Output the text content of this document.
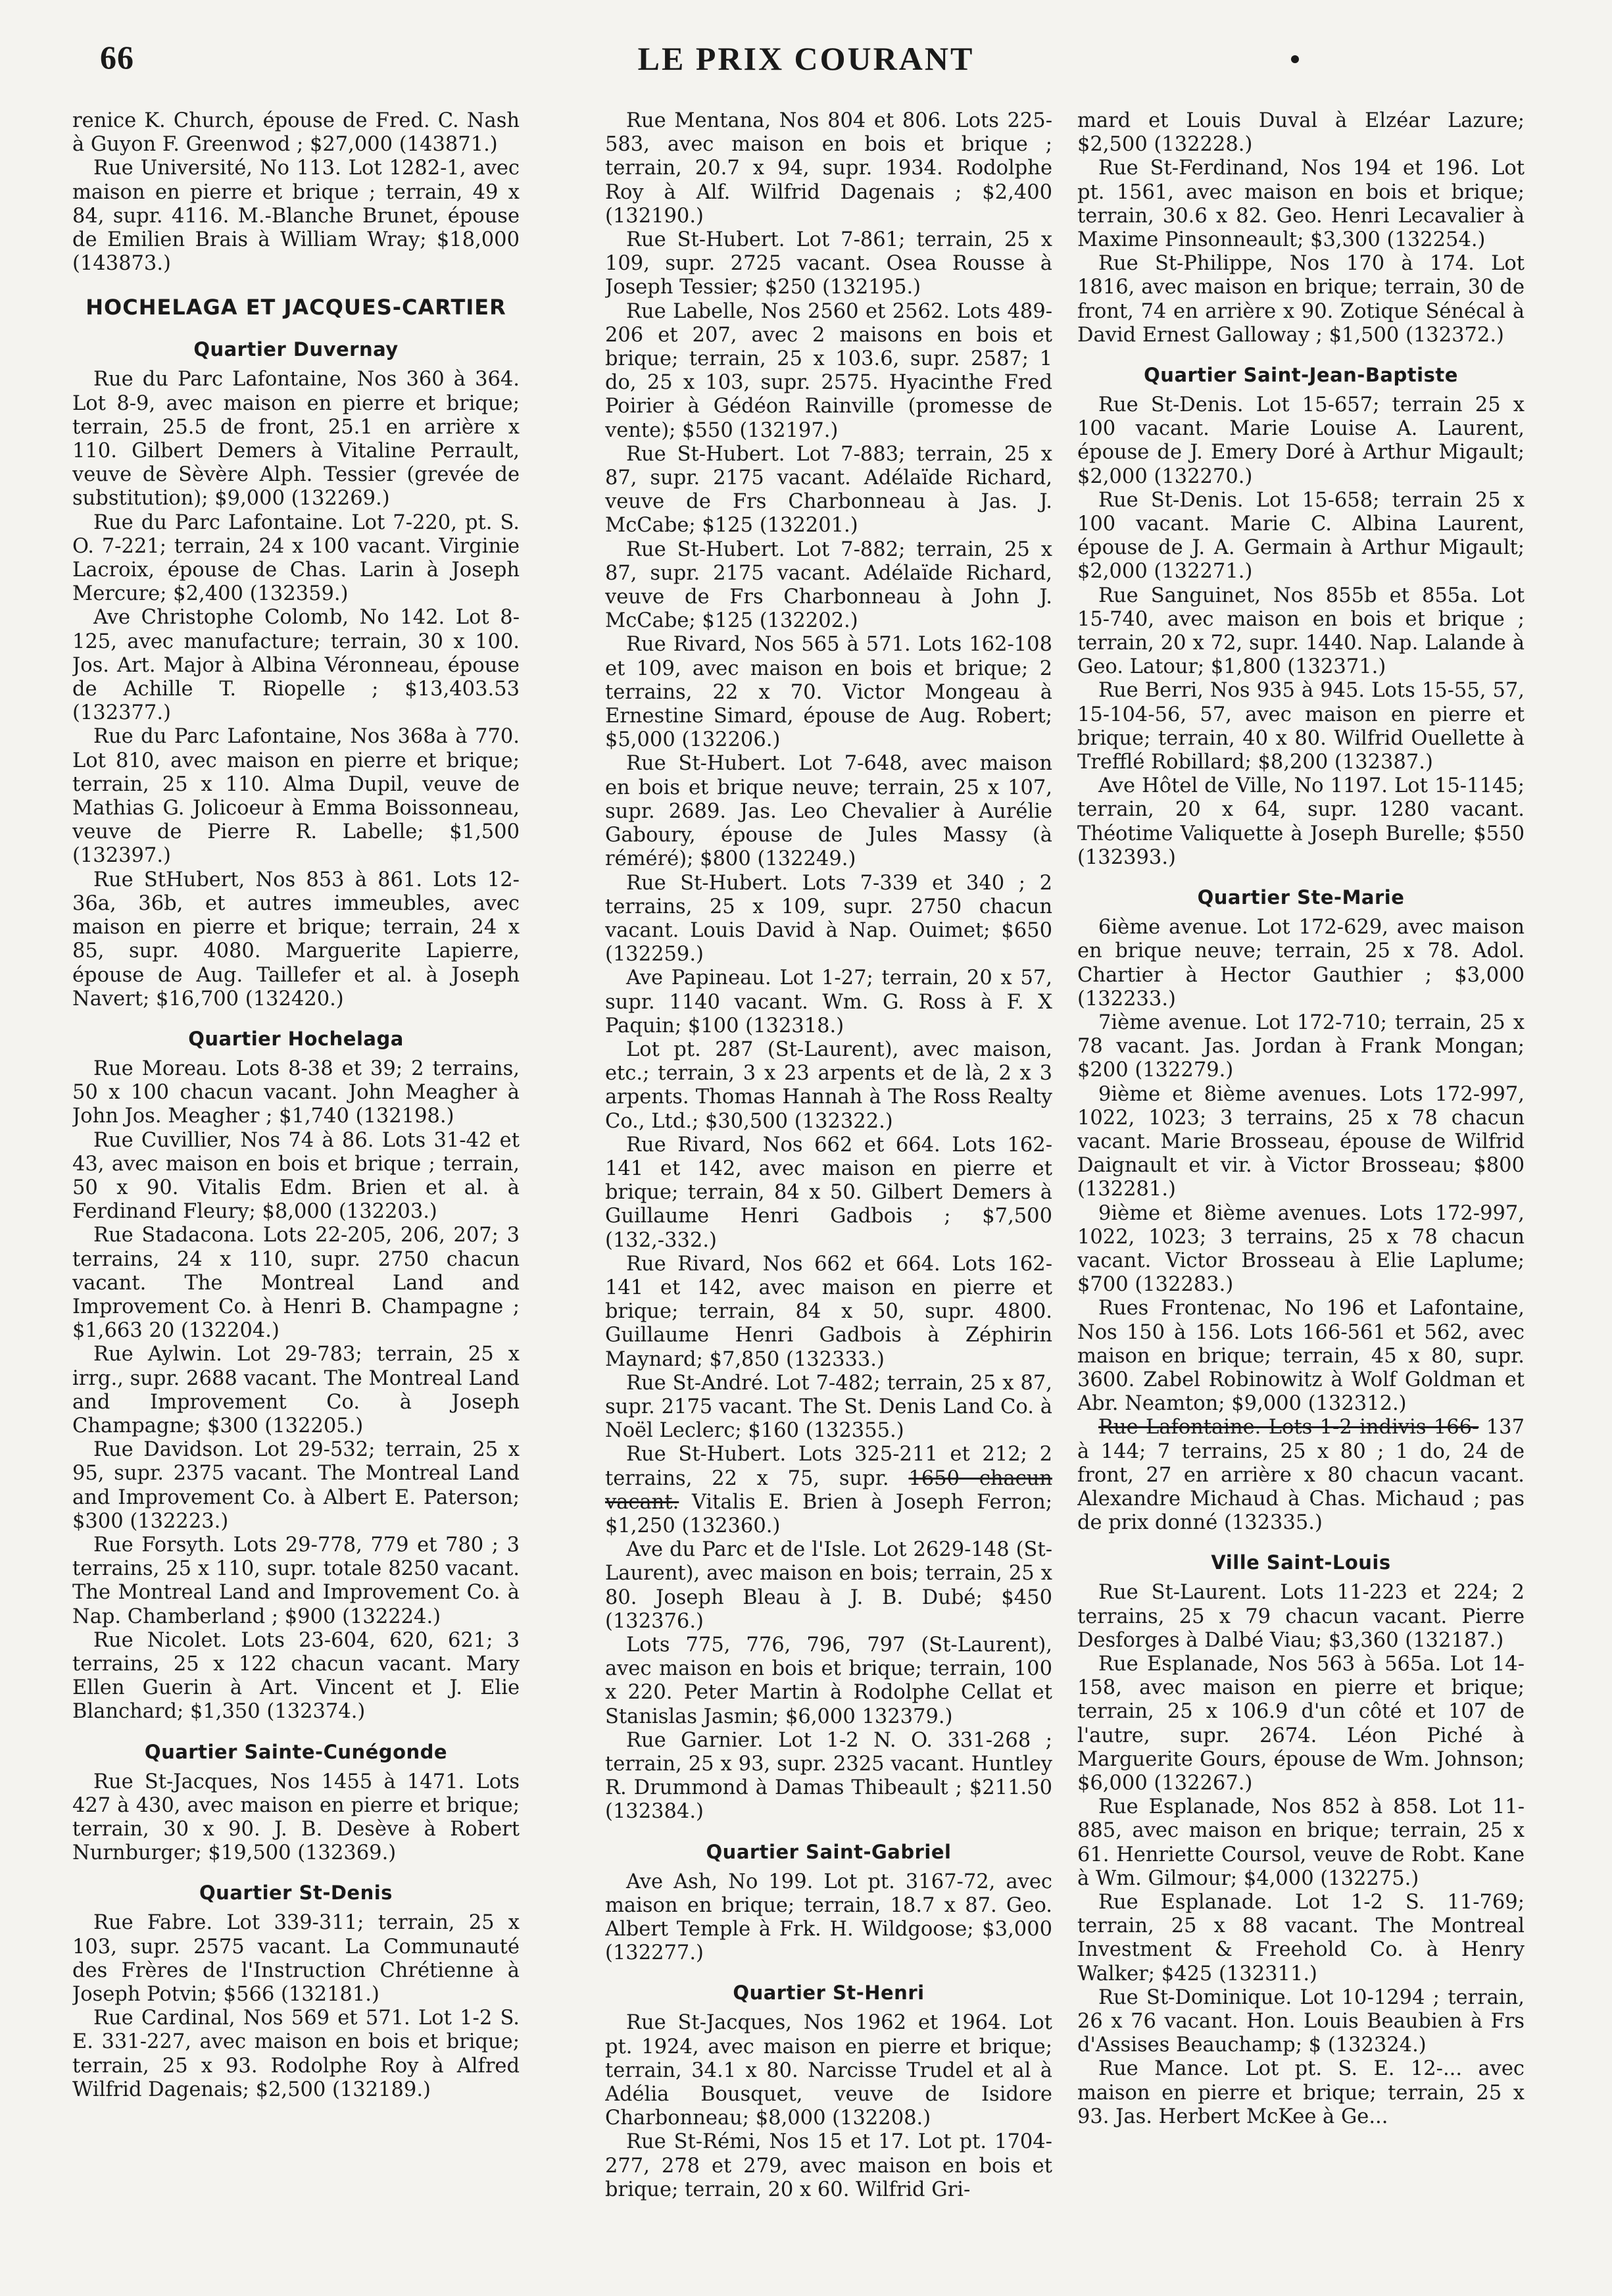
66	LE PRIX COURANT

renice K. Church, épouse de Fred. C. Nash à Guyon F. Greenwod ; $27,000 (143871.)

Rue Université, No 113. Lot 1282-1, avec maison en pierre et brique ; terrain, 49 x 84, supr. 4116. M.-Blanche Brunet, épouse de Emilien Brais à William Wray; $18,000 (143873.)

HOCHELAGA ET JACQUES-CARTIER
Quartier Duvernay

Rue du Parc Lafontaine, Nos 360 à 364. Lot 8-9, avec maison en pierre et brique; terrain, 25.5 de front, 25.1 en arrière x 110. Gilbert Demers à Vitaline Perrault, veuve de Sèvère Alph. Tessier (grevée de substitution); $9,000 (132269.)

Rue du Parc Lafontaine. Lot 7-220, pt. S. O. 7-221; terrain, 24 x 100 vacant. Virginie Lacroix, épouse de Chas. Larin à Joseph Mercure; $2,400 (132359.)

Ave Christophe Colomb, No 142. Lot 8-125, avec manufacture; terrain, 30 x 100. Jos. Art. Major à Albina Véronneau, épouse de Achille T. Riopelle ; $13,403.53 (132377.)

Rue du Parc Lafontaine, Nos 368a à 770. Lot 810, avec maison en pierre et brique; terrain, 25 x 110. Alma Dupil, veuve de Mathias G. Jolicoeur à Emma Boissonneau, veuve de Pierre R. Labelle; $1,500 (132397.)

Rue StHubert, Nos 853 à 861. Lots 12-36a, 36b, et autres immeubles, avec maison en pierre et brique; terrain, 24 x 85, supr. 4080. Marguerite Lapierre, épouse de Aug. Taillefer et al. à Joseph Navert; $16,700 (132420.)

Quartier Hochelaga

Rue Moreau. Lots 8-38 et 39; 2 terrains, 50 x 100 chacun vacant. John Meagher à John Jos. Meagher ; $1,740 (132198.)

Rue Cuvillier, Nos 74 à 86. Lots 31-42 et 43, avec maison en bois et brique ; terrain, 50 x 90. Vitalis Edm. Brien et al. à Ferdinand Fleury; $8,000 (132203.)

Rue Stadacona. Lots 22-205, 206, 207; 3 terrains, 24 x 110, supr. 2750 chacun vacant. The Montreal Land and Improvement Co. à Henri B. Champagne ; $1,663 20 (132204.)

Rue Aylwin. Lot 29-783; terrain, 25 x irrg., supr. 2688 vacant. The Montreal Land and Improvement Co. à Joseph Champagne; $300 (132205.)

Rue Davidson. Lot 29-532; terrain, 25 x 95, supr. 2375 vacant. The Montreal Land and Improvement Co. à Albert E. Paterson; $300 (132223.)

Rue Forsyth. Lots 29-778, 779 et 780 ; 3 terrains, 25 x 110, supr. totale 8250 vacant. The Montreal Land and Improvement Co. à Nap. Chamberland ; $900 (132224.)

Rue Nicolet. Lots 23-604, 620, 621; 3 terrains, 25 x 122 chacun vacant. Mary Ellen Guerin à Art. Vincent et J. Elie Blanchard; $1,350 (132374.)

Quartier Sainte-Cunégonde

Rue St-Jacques, Nos 1455 à 1471. Lots 427 à 430, avec maison en pierre et brique; terrain, 30 x 90. J. B. Desève à Robert Nurnburger; $19,500 (132369.)

Quartier St-Denis

Rue Fabre. Lot 339-311; terrain, 25 x 103, supr. 2575 vacant. La Communauté des Frères de l'Instruction Chrétienne à Joseph Potvin; $566 (132181.)

Rue Cardinal, Nos 569 et 571. Lot 1-2 S. E. 331-227, avec maison en bois et brique; terrain, 25 x 93. Rodolphe Roy à Alfred Wilfrid Dagenais; $2,500 (132189.)

Rue Mentana, Nos 804 et 806. Lots 225-583, avec maison en bois et brique ; terrain, 20.7 x 94, supr. 1934. Rodolphe Roy à Alf. Wilfrid Dagenais ; $2,400 (132190.)

Rue St-Hubert. Lot 7-861; terrain, 25 x 109, supr. 2725 vacant. Osea Rousse à Joseph Tessier; $250 (132195.)

Rue Labelle, Nos 2560 et 2562. Lots 489-206 et 207, avec 2 maisons en bois et brique; terrain, 25 x 103.6, supr. 2587; 1 do, 25 x 103, supr. 2575. Hyacinthe Fred Poirier à Gédéon Rainville (promesse de vente); $550 (132197.)

Rue St-Hubert. Lot 7-883; terrain, 25 x 87, supr. 2175 vacant. Adélaïde Richard, veuve de Frs Charbonneau à Jas. J. McCabe; $125 (132201.)

Rue St-Hubert. Lot 7-882; terrain, 25 x 87, supr. 2175 vacant. Adélaïde Richard, veuve de Frs Charbonneau à John J. McCabe; $125 (132202.)

Rue Rivard, Nos 565 à 571. Lots 162-108 et 109, avec maison en bois et brique; 2 terrains, 22 x 70. Victor Mongeau à Ernestine Simard, épouse de Aug. Robert; $5,000 (132206.)

Rue St-Hubert. Lot 7-648, avec maison en bois et brique neuve; terrain, 25 x 107, supr. 2689. Jas. Leo Chevalier à Aurélie Gaboury, épouse de Jules Massy (à réméré); $800 (132249.)

Rue St-Hubert. Lots 7-339 et 340 ; 2 terrains, 25 x 109, supr. 2750 chacun vacant. Louis David à Nap. Ouimet; $650 (132259.)

Ave Papineau. Lot 1-27; terrain, 20 x 57, supr. 1140 vacant. Wm. G. Ross à F. X Paquin; $100 (132318.)

Lot pt. 287 (St-Laurent), avec maison, etc.; terrain, 3 x 23 arpents et de là, 2 x 3 arpents. Thomas Hannah à The Ross Realty Co., Ltd.; $30,500 (132322.)

Rue Rivard, Nos 662 et 664. Lots 162-141 et 142, avec maison en pierre et brique; terrain, 84 x 50. Gilbert Demers à Guillaume Henri Gadbois ; $7,500 (132,-332.)

Rue Rivard, Nos 662 et 664. Lots 162-141 et 142, avec maison en pierre et brique; terrain, 84 x 50, supr. 4800. Guillaume Henri Gadbois à Zéphirin Maynard; $7,850 (132333.)

Rue St-André. Lot 7-482; terrain, 25 x 87, supr. 2175 vacant. The St. Denis Land Co. à Noël Leclerc; $160 (132355.)

Rue St-Hubert. Lots 325-211 et 212; 2 terrains, 22 x 75, supr. 1650 chacun vacant. Vitalis E. Brien à Joseph Ferron; $1,250 (132360.)

Ave du Parc et de l'Isle. Lot 2629-148 (St-Laurent), avec maison en bois; terrain, 25 x 80. Joseph Bleau à J. B. Dubé; $450 (132376.)

Lots 775, 776, 796, 797 (St-Laurent), avec maison en bois et brique; terrain, 100 x 220. Peter Martin à Rodolphe Cellat et Stanislas Jasmin; $6,000 132379.)

Rue Garnier. Lot 1-2 N. O. 331-268 ; terrain, 25 x 93, supr. 2325 vacant. Huntley R. Drummond à Damas Thibeault ; $211.50 (132384.)

Quartier Saint-Gabriel

Ave Ash, No 199. Lot pt. 3167-72, avec maison en brique; terrain, 18.7 x 87. Geo. Albert Temple à Frk. H. Wildgoose; $3,000 (132277.)

Quartier St-Henri

Rue St-Jacques, Nos 1962 et 1964. Lot pt. 1924, avec maison en pierre et brique; terrain, 34.1 x 80. Narcisse Trudel et al à Adélia Bousquet, veuve de Isidore Charbonneau; $8,000 (132208.)

Rue St-Rémi, Nos 15 et 17. Lot pt. 1704-277, 278 et 279, avec maison en bois et brique; terrain, 20 x 60. Wilfrid Gri-

mard et Louis Duval à Elzéar Lazure; $2,500 (132228.)

Rue St-Ferdinand, Nos 194 et 196. Lot pt. 1561, avec maison en bois et brique; terrain, 30.6 x 82. Geo. Henri Lecavalier à Maxime Pinsonneault; $3,300 (132254.)

Rue St-Philippe, Nos 170 à 174. Lot 1816, avec maison en brique; terrain, 30 de front, 74 en arrière x 90. Zotique Sénécal à David Ernest Galloway ; $1,500 (132372.)

Quartier Saint-Jean-Baptiste

Rue St-Denis. Lot 15-657; terrain 25 x 100 vacant. Marie Louise A. Laurent, épouse de J. Emery Doré à Arthur Migault; $2,000 (132270.)

Rue St-Denis. Lot 15-658; terrain 25 x 100 vacant. Marie C. Albina Laurent, épouse de J. A. Germain à Arthur Migault; $2,000 (132271.)

Rue Sanguinet, Nos 855b et 855a. Lot 15-740, avec maison en bois et brique ; terrain, 20 x 72, supr. 1440. Nap. Lalande à Geo. Latour; $1,800 (132371.)

Rue Berri, Nos 935 à 945. Lots 15-55, 57, 15-104-56, 57, avec maison en pierre et brique; terrain, 40 x 80. Wilfrid Ouellette à Trefflé Robillard; $8,200 (132387.)

Ave Hôtel de Ville, No 1197. Lot 15-1145; terrain, 20 x 64, supr. 1280 vacant. Théotime Valiquette à Joseph Burelle; $550 (132393.)

Quartier Ste-Marie

6ième avenue. Lot 172-629, avec maison en brique neuve; terrain, 25 x 78. Adol. Chartier à Hector Gauthier ; $3,000 (132233.)

7ième avenue. Lot 172-710; terrain, 25 x 78 vacant. Jas. Jordan à Frank Mongan; $200 (132279.)

9ième et 8ième avenues. Lots 172-997, 1022, 1023; 3 terrains, 25 x 78 chacun vacant. Marie Brosseau, épouse de Wilfrid Daignault et vir. à Victor Brosseau; $800 (132281.)

9ième et 8ième avenues. Lots 172-997, 1022, 1023; 3 terrains, 25 x 78 chacun vacant. Victor Brosseau à Elie Laplume; $700 (132283.)

Rues Frontenac, No 196 et Lafontaine, Nos 150 à 156. Lots 166-561 et 562, avec maison en brique; terrain, 45 x 80, supr. 3600. Zabel Robinowitz à Wolf Goldman et Abr. Neamton; $9,000 (132312.)

Rue Lafontaine. Lots 1-2 indivis 166- 137 à 144; 7 terrains, 25 x 80 ; 1 do, 24 de front, 27 en arrière x 80 chacun vacant. Alexandre Michaud à Chas. Michaud ; pas de prix donné (132335.)

Ville Saint-Louis

Rue St-Laurent. Lots 11-223 et 224; 2 terrains, 25 x 79 chacun vacant. Pierre Desforges à Dalbé Viau; $3,360 (132187.)

Rue Esplanade, Nos 563 à 565a. Lot 14-158, avec maison en pierre et brique; terrain, 25 x 106.9 d'un côté et 107 de l'autre, supr. 2674. Léon Piché à Marguerite Gours, épouse de Wm. Johnson; $6,000 (132267.)

Rue Esplanade, Nos 852 à 858. Lot 11-885, avec maison en brique; terrain, 25 x 61. Henriette Coursol, veuve de Robt. Kane à Wm. Gilmour; $4,000 (132275.)

Rue Esplanade. Lot 1-2 S. 11-769; terrain, 25 x 88 vacant. The Montreal Investment & Freehold Co. à Henry Walker; $425 (132311.)

Rue St-Dominique. Lot 10-1294 ; terrain, 26 x 76 vacant. Hon. Louis Beaubien à Frs d'Assises Beauchamp; $ (132324.)

Rue Mance. Lot pt. S. E. 12-... avec maison en pierre et brique; terrain, 25 x 93. Jas. Herbert McKee à Ge...
